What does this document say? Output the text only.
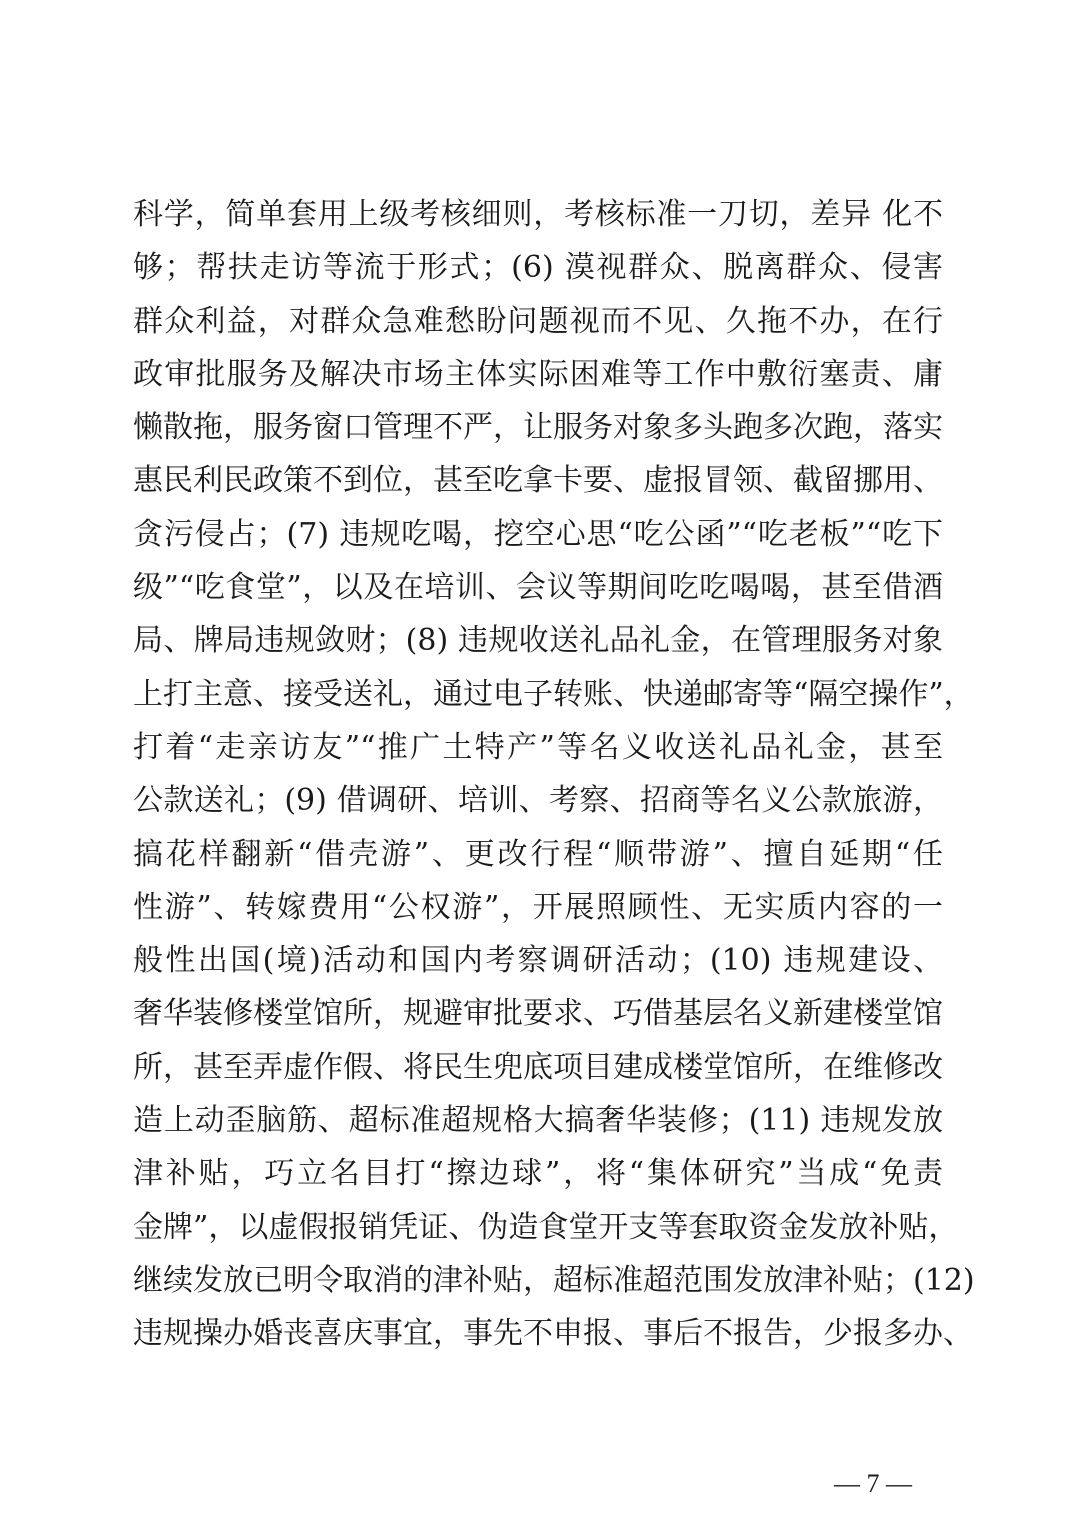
科学，简单套用上级考核细则，考核标准一刀切，差异 化不
够；帮扶走访等流于形式；(6) 漠视群众、脱离群众、侵害
群众利益，对群众急难愁盼问题视而不见、久拖不办，在行
政审批服务及解决市场主体实际困难等工作中敷衍塞责、庸
懒散拖，服务窗口管理不严，让服务对象多头跑多次跑，落实
惠民利民政策不到位，甚至吃拿卡要、虚报冒领、截留挪用、
贪污侵占；(7) 违规吃喝，挖空心思“吃公函”“吃老板”“吃下
级”“吃食堂”，以及在培训、会议等期间吃吃喝喝，甚至借酒
局、牌局违规敛财；(8) 违规收送礼品礼金，在管理服务对象
上打主意、接受送礼，通过电子转账、快递邮寄等“隔空操作”，
打着“走亲访友”“推广土特产”等名义收送礼品礼金，甚至
公款送礼；(9) 借调研、培训、考察、招商等名义公款旅游，
搞花样翻新“借壳游”、更改行程“顺带游”、擅自延期“任
性游”、转嫁费用“公权游”，开展照顾性、无实质内容的一
般性出国(境)活动和国内考察调研活动；(10) 违规建设、
奢华装修楼堂馆所，规避审批要求、巧借基层名义新建楼堂馆
所，甚至弄虚作假、将民生兜底项目建成楼堂馆所，在维修改
造上动歪脑筋、超标准超规格大搞奢华装修；(11) 违规发放
津补贴，巧立名目打“擦边球”，将“集体研究”当成“免责
金牌”，以虚假报销凭证、伪造食堂开支等套取资金发放补贴，
继续发放已明令取消的津补贴，超标准超范围发放津补贴；(12)
违规操办婚丧喜庆事宜，事先不申报、事后不报告，少报多办、
— 7 —
